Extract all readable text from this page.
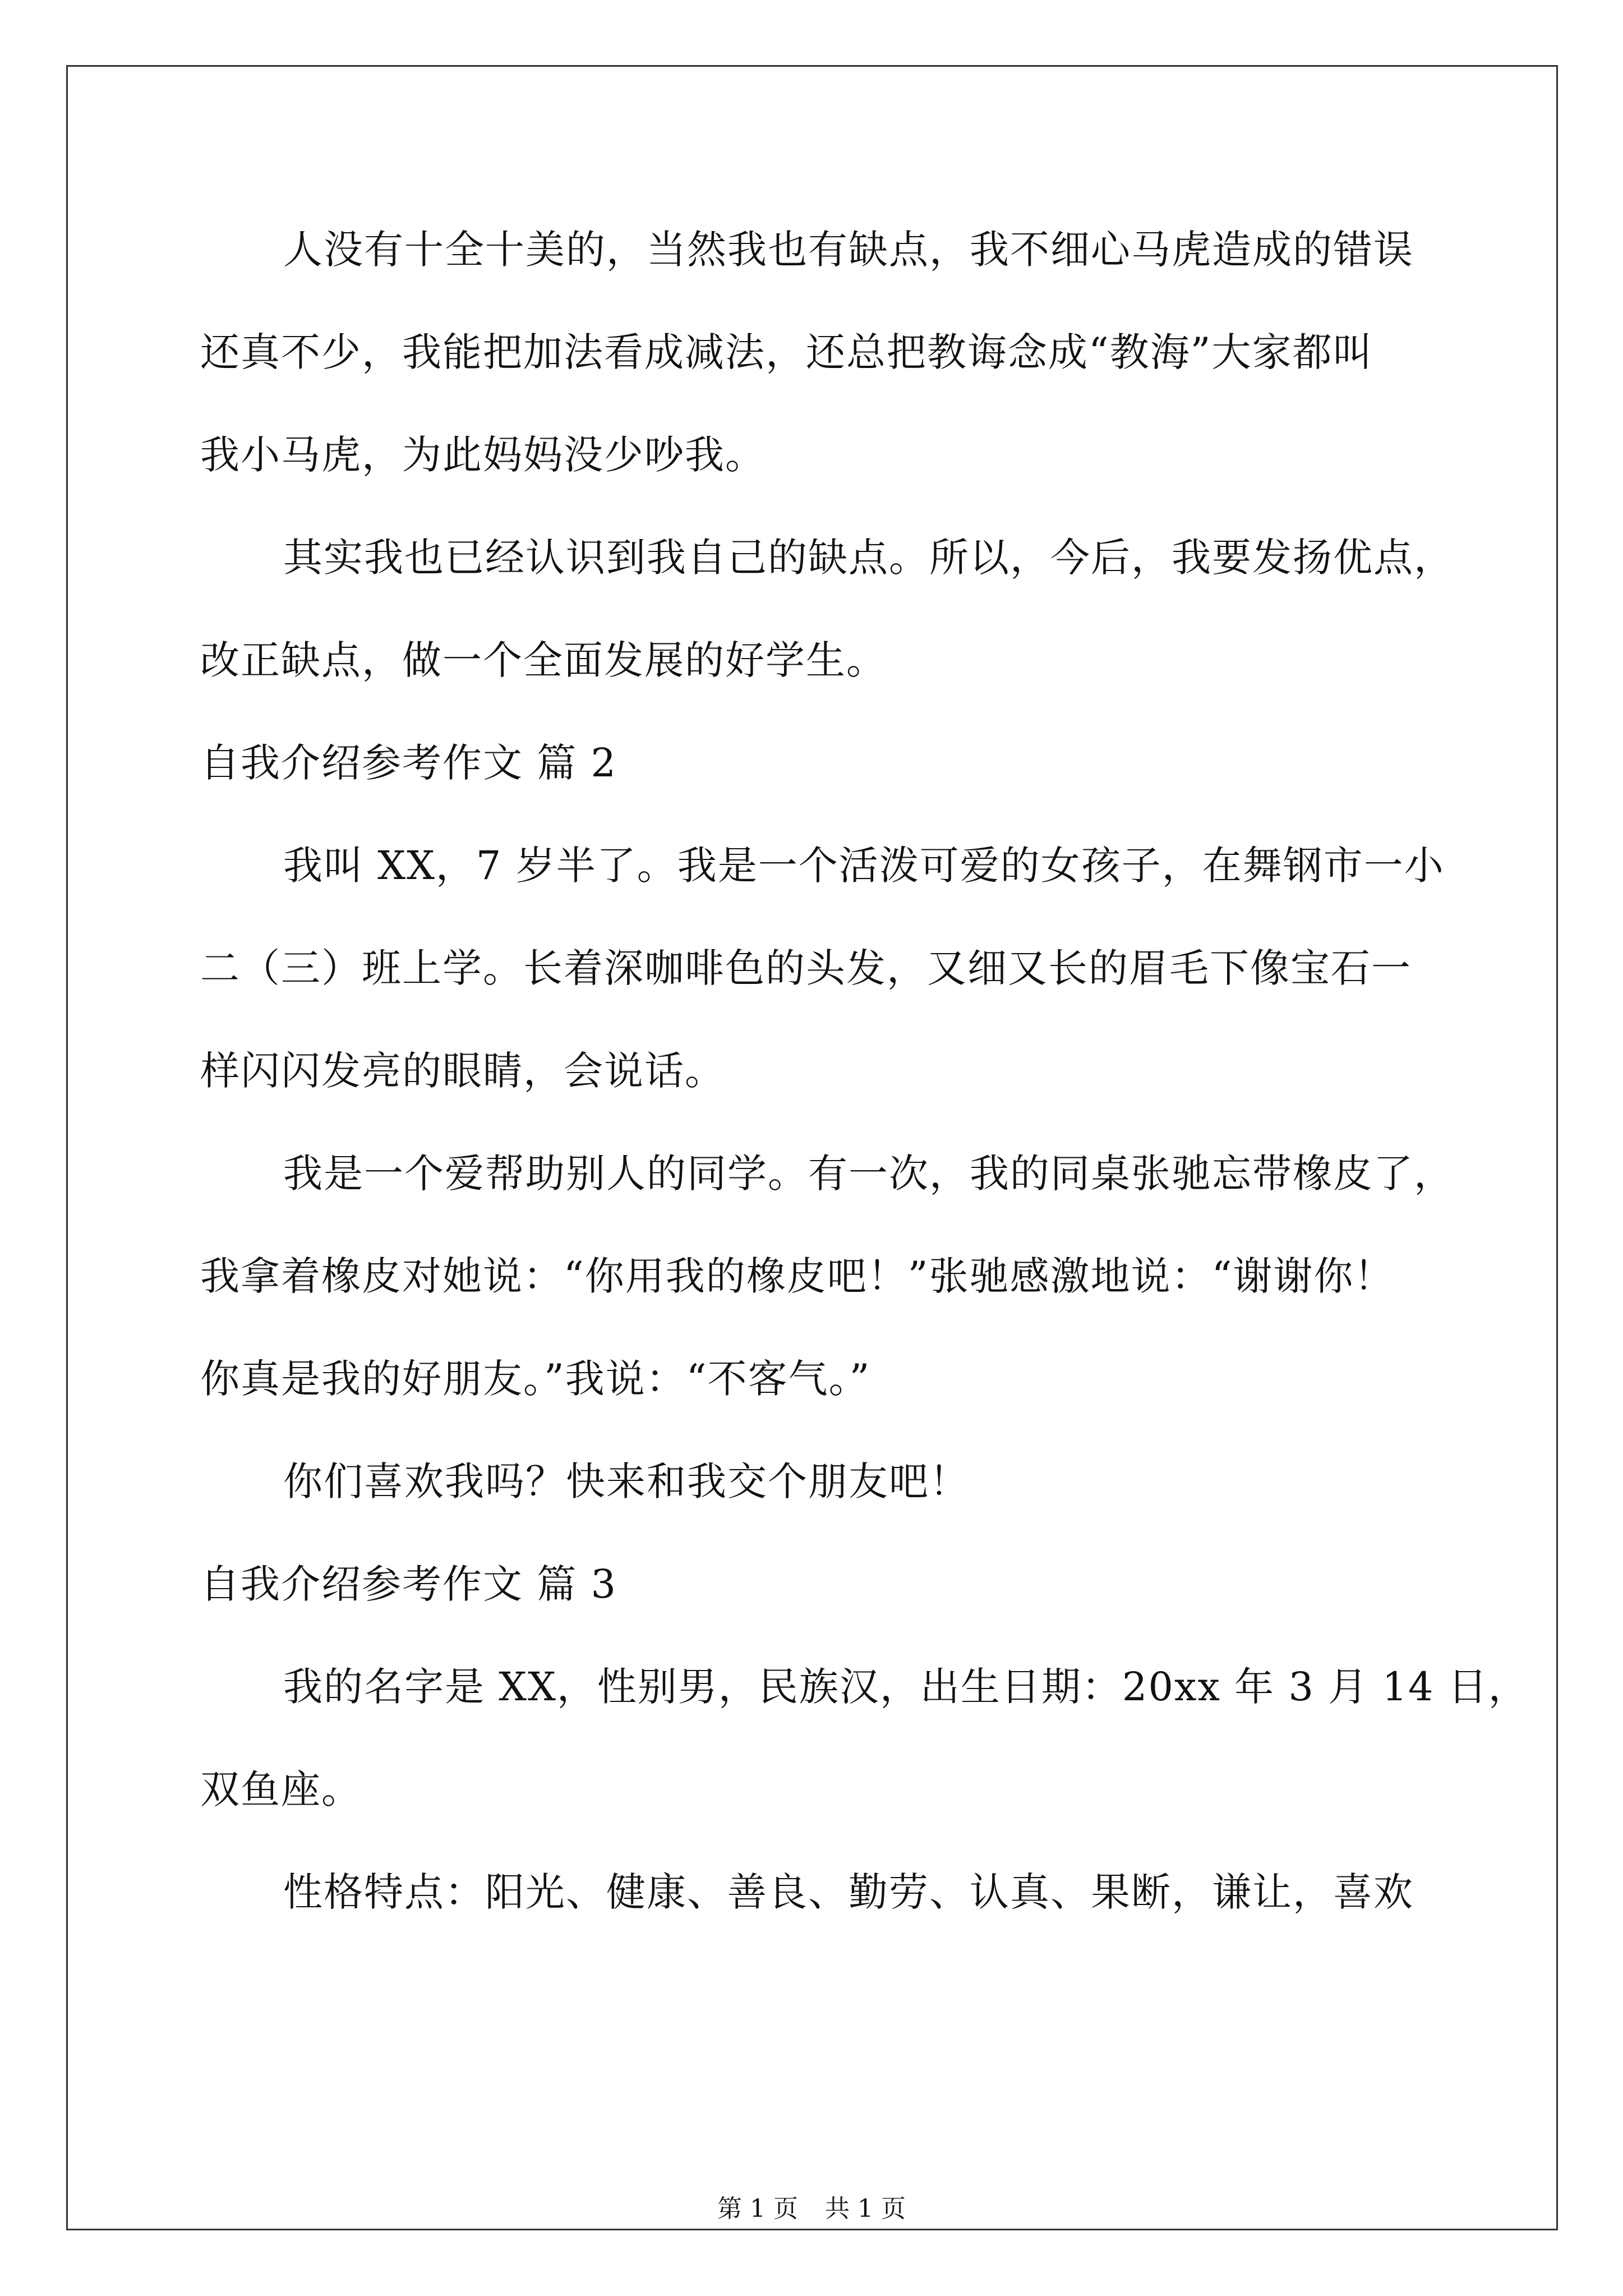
人没有十全十美的，当然我也有缺点，我不细心马虎造成的错误
还真不少，我能把加法看成减法，还总把教诲念成“教海”大家都叫
我小马虎，为此妈妈没少吵我。
其实我也已经认识到我自己的缺点。所以，今后，我要发扬优点，
改正缺点，做一个全面发展的好学生。
自我介绍参考作文 篇 2
我叫 XX，7 岁半了。我是一个活泼可爱的女孩子，在舞钢市一小
二（三）班上学。长着深咖啡色的头发，又细又长的眉毛下像宝石一
样闪闪发亮的眼睛，会说话。
我是一个爱帮助别人的同学。有一次，我的同桌张驰忘带橡皮了，
我拿着橡皮对她说：“你用我的橡皮吧！”张驰感激地说：“谢谢你！
你真是我的好朋友。”我说：“不客气。”
你们喜欢我吗？快来和我交个朋友吧！
自我介绍参考作文 篇 3
我的名字是 XX，性别男，民族汉，出生日期：20xx 年 3 月 14 日，
双鱼座。
性格特点：阳光、健康、善良、勤劳、认真、果断，谦让，喜欢
第 1 页 共 1 页
